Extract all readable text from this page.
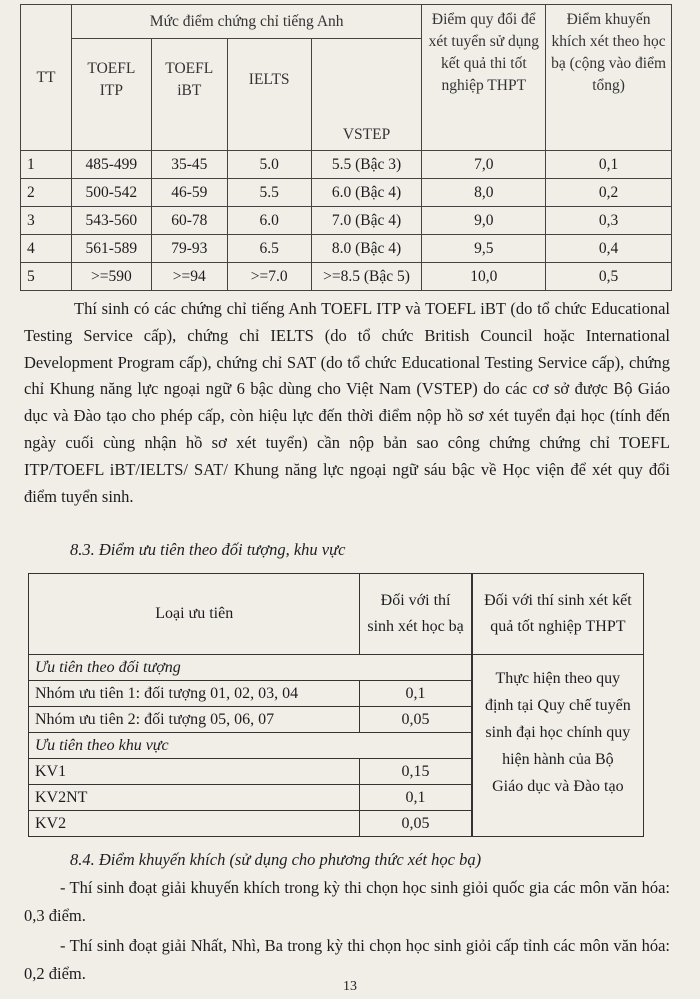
TT	Mức điểm chứng chỉ tiếng Anh				Điểm quy đổi để xét tuyển sử dụng kết quả thi tốt nghiệp THPT	Điểm khuyến khích xét theo học bạ (cộng vào điểm tổng)
	TOEFL ITP	TOEFL iBT	IELTS	VSTEP		
1	485-499	35-45	5.0	5.5 (Bậc 3)	7,0	0,1
2	500-542	46-59	5.5	6.0 (Bậc 4)	8,0	0,2
3	543-560	60-78	6.0	7.0 (Bậc 4)	9,0	0,3
4	561-589	79-93	6.5	8.0 (Bậc 4)	9,5	0,4
5	>=590	>=94	>=7.0	>=8.5 (Bậc 5)	10,0	0,5

Thí sinh có các chứng chỉ tiếng Anh TOEFL ITP và TOEFL iBT (do tổ chức Educational Testing Service cấp), chứng chỉ IELTS (do tổ chức British Council hoặc International Development Program cấp), chứng chỉ SAT (do tổ chức Educational Testing Service cấp), chứng chỉ Khung năng lực ngoại ngữ 6 bậc dùng cho Việt Nam (VSTEP) do các cơ sở được Bộ Giáo dục và Đào tạo cho phép cấp, còn hiệu lực đến thời điểm nộp hồ sơ xét tuyển đại học (tính đến ngày cuối cùng nhận hồ sơ xét tuyển) cần nộp bản sao công chứng chứng chỉ TOEFL ITP/TOEFL iBT/IELTS/ SAT/ Khung năng lực ngoại ngữ sáu bậc về Học viện để xét quy đổi điểm tuyển sinh.

8.3. Điểm ưu tiên theo đối tượng, khu vực

Loại ưu tiên	Đối với thí sinh xét học bạ	Đối với thí sinh xét kết quả tốt nghiệp THPT
Ưu tiên theo đối tượng		Thực hiện theo quy định tại Quy chế tuyển sinh đại học chính quy hiện hành của Bộ Giáo dục và Đào tạo
Nhóm ưu tiên 1: đối tượng 01, 02, 03, 04	0,1	
Nhóm ưu tiên 2: đối tượng 05, 06, 07	0,05	
Ưu tiên theo khu vực		
KV1	0,15	
KV2NT	0,1	
KV2	0,05	

8.4. Điểm khuyến khích (sử dụng cho phương thức xét học bạ)

- Thí sinh đoạt giải khuyến khích trong kỳ thi chọn học sinh giỏi quốc gia các môn văn hóa: 0,3 điểm.

- Thí sinh đoạt giải Nhất, Nhì, Ba trong kỳ thi chọn học sinh giỏi cấp tỉnh các môn văn hóa: 0,2 điểm.

13
